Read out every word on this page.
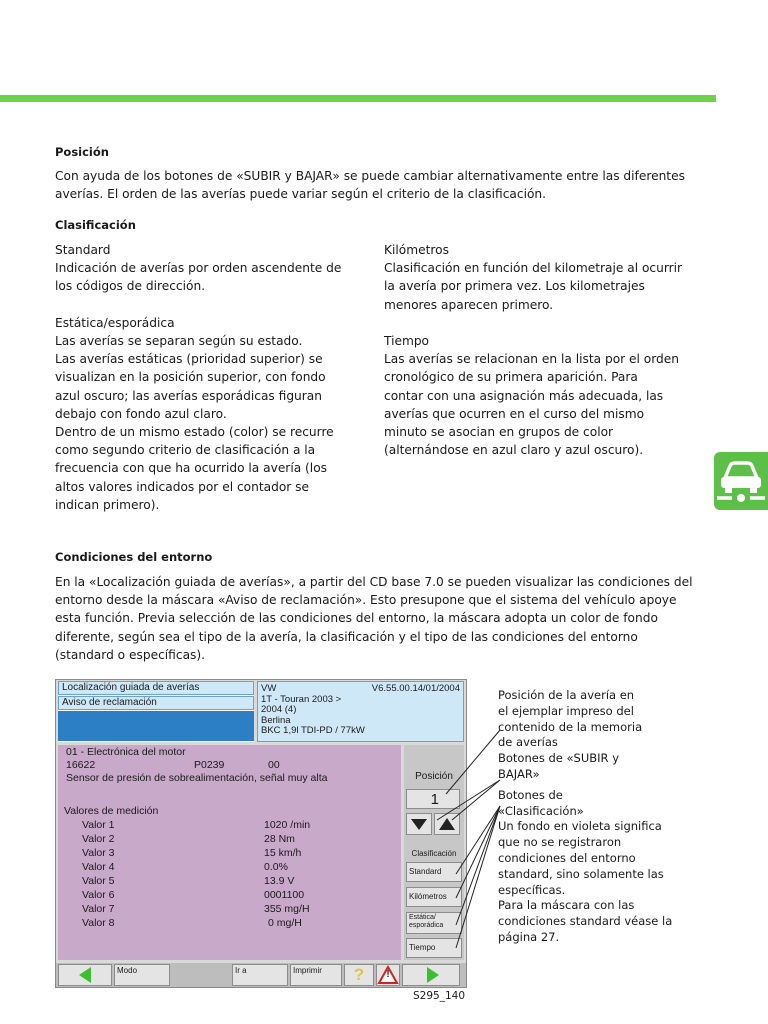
Posición

Con ayuda de los botones de «SUBIR y BAJAR» se puede cambiar alternativamente entre las diferentes
averías. El orden de las averías puede variar según el criterio de la clasificación.

Clasificación

Standard
Indicación de averías por orden ascendente de
los códigos de dirección.

Estática/esporádica
Las averías se separan según su estado.
Las averías estáticas (prioridad superior) se
visualizan en la posición superior, con fondo
azul oscuro; las averías esporádicas figuran
debajo con fondo azul claro.
Dentro de un mismo estado (color) se recurre
como segundo criterio de clasificación a la
frecuencia con que ha ocurrido la avería (los
altos valores indicados por el contador se
indican primero).

Kilómetros
Clasificación en función del kilometraje al ocurrir
la avería por primera vez. Los kilometrajes
menores aparecen primero.

Tiempo
Las averías se relacionan en la lista por el orden
cronológico de su primera aparición. Para
contar con una asignación más adecuada, las
averías que ocurren en el curso del mismo
minuto se asocian en grupos de color
(alternándose en azul claro y azul oscuro).

Condiciones del entorno

En la «Localización guiada de averías», a partir del CD base 7.0 se pueden visualizar las condiciones del
entorno desde la máscara «Aviso de reclamación». Esto presupone que el sistema del vehículo apoye
esta función. Previa selección de las condiciones del entorno, la máscara adopta un color de fondo
diferente, según sea el tipo de la avería, la clasificación y el tipo de las condiciones del entorno
(standard o específicas).

Localización guiada de averías
Aviso de reclamación
VW	V6.55.00.14/01/2004
1T - Touran 2003 >
2004 (4)
Berlina
BKC 1,9l TDI-PD / 77kW
01 - Electrónica del motor
16622	P0239	00
Sensor de presión de sobrealimentación, señal muy alta
Valores de medición
Valor 1	1020 /min
Valor 2	28 Nm
Valor 3	15 km/h
Valor 4	0.0%
Valor 5	13.9 V
Valor 6	0001100
Valor 7	355 mg/H
Valor 8	0 mg/H
Posición
1
Clasificación
Standard
Kilómetros
Estática/
esporádica
Tiempo
Modo	Ir a	Imprimir	?	!

Posición de la avería en
el ejemplar impreso del
contenido de la memoria
de averías

Botones de «SUBIR y
BAJAR»

Botones de
«Clasificación»

Un fondo en violeta significa
que no se registraron
condiciones del entorno
standard, sino solamente las
específicas.
Para la máscara con las
condiciones standard véase la
página 27.

S295_140
